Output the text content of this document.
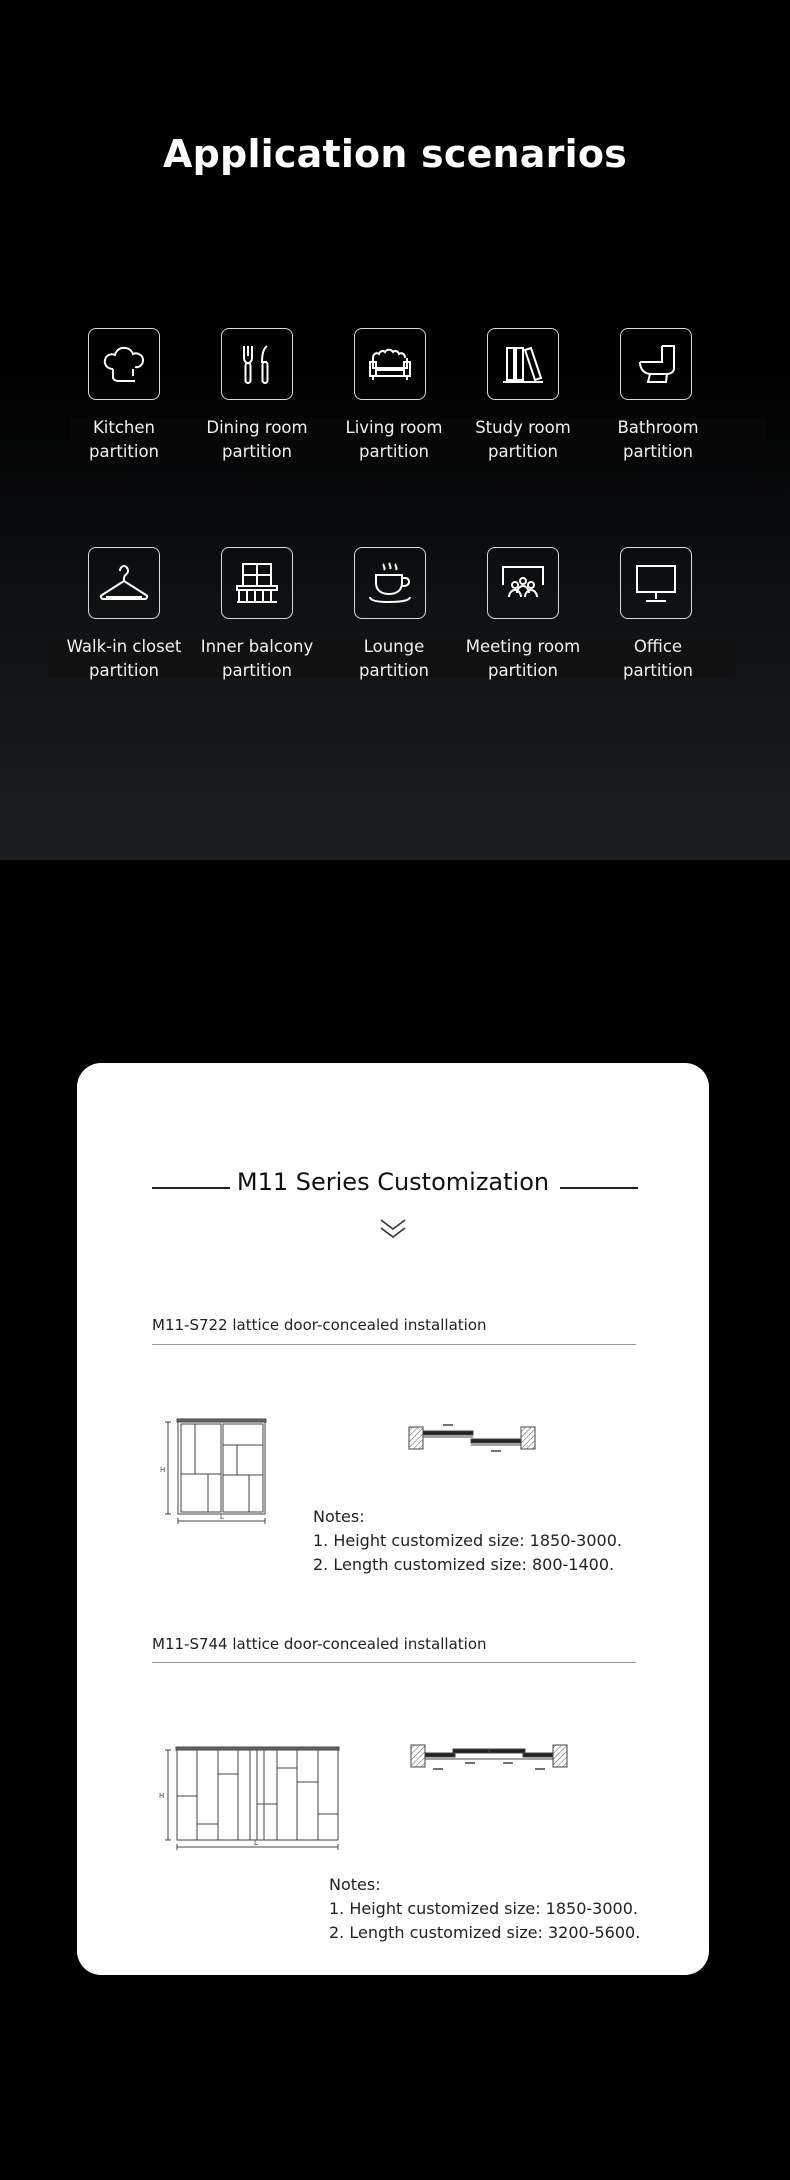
Application scenarios
Kitchen
partition
Dining room
partition
Living room
partition
Study room
partition
Bathroom
partition
Walk-in closet
partition
Inner balcony
partition
Lounge
partition
Meeting room
partition
Office
partition
M11 Series Customization
M11-S722 lattice door-concealed installation
H
L	Notes:
1. Height customized size: 1850-3000.
2. Length customized size: 800-1400.
M11-S744 lattice door-concealed installation
H
L
Notes:
1. Height customized size: 1850-3000.
2. Length customized size: 3200-5600.
